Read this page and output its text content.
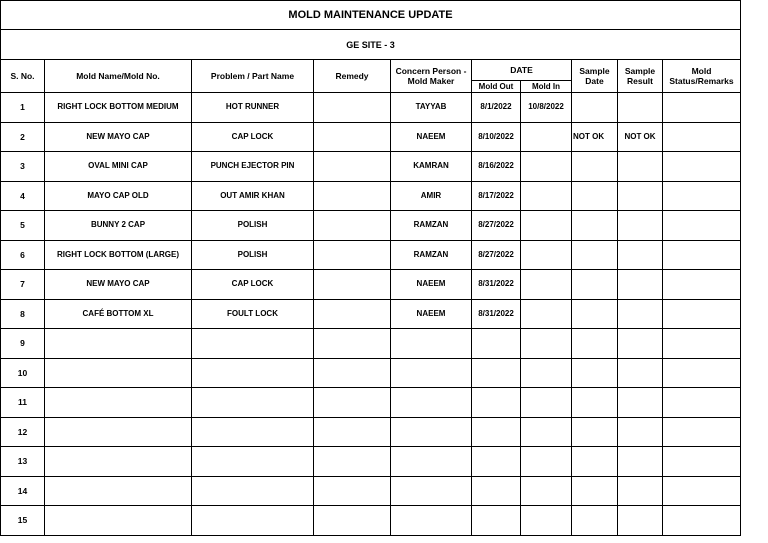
MOLD MAINTENANCE UPDATE									
GE SITE - 3									
S. No.	Mold Name/Mold No.	Problem / Part Name	Remedy	Concern Person - Mold Maker	DATE		Sample Date	Sample Result	Mold Status/Remarks
					Mold Out	Mold In			
1	RIGHT LOCK BOTTOM MEDIUM	HOT RUNNER		TAYYAB	8/1/2022	10/8/2022			
2	NEW MAYO CAP	CAP LOCK		NAEEM	8/10/2022		NOT OK	NOT OK	
3	OVAL MINI CAP	PUNCH EJECTOR PIN		KAMRAN	8/16/2022				
4	MAYO CAP OLD	OUT AMIR KHAN		AMIR	8/17/2022				
5	BUNNY 2 CAP	POLISH		RAMZAN	8/27/2022				
6	RIGHT LOCK BOTTOM (LARGE)	POLISH		RAMZAN	8/27/2022				
7	NEW MAYO CAP	CAP LOCK		NAEEM	8/31/2022				
8	CAFÉ BOTTOM XL	FOULT LOCK		NAEEM	8/31/2022				
9									
10									
11									
12									
13									
14									
15									
